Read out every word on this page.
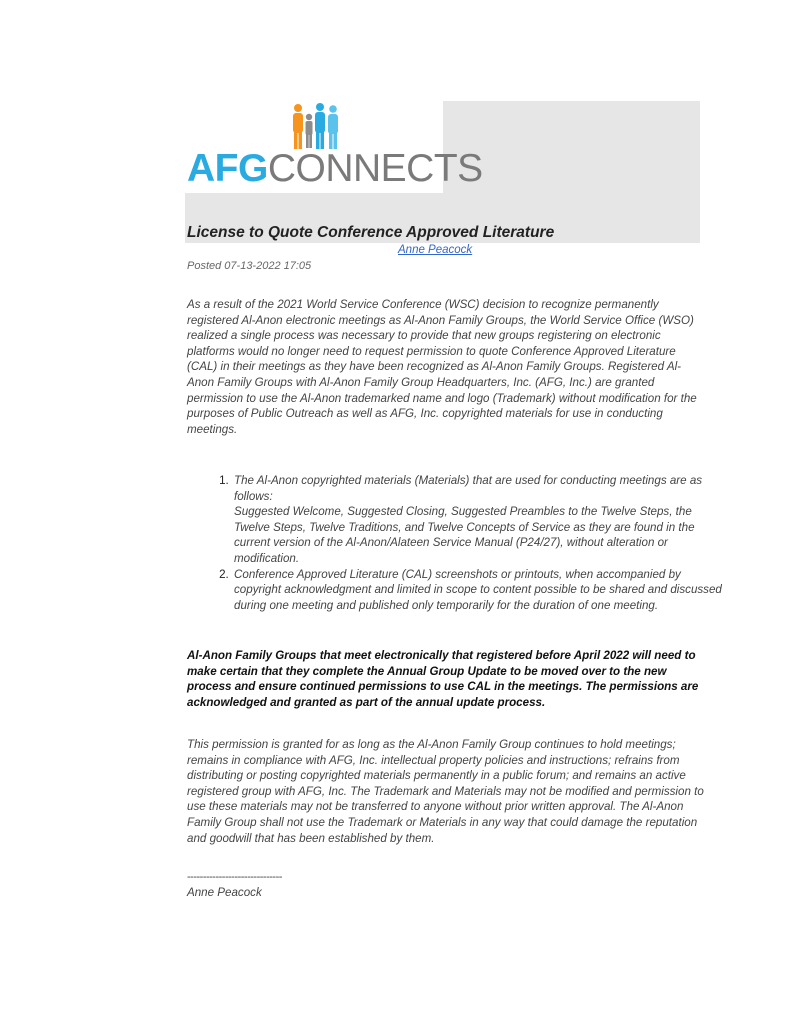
AFGCONNECTS
License to Quote Conference Approved Literature
Anne Peacock
Posted 07-13-2022 17:05

As a result of the 2021 World Service Conference (WSC) decision to recognize permanently registered Al-Anon electronic meetings as Al-Anon Family Groups, the World Service Office (WSO) realized a single process was necessary to provide that new groups registering on electronic platforms would no longer need to request permission to quote Conference Approved Literature (CAL) in their meetings as they have been recognized as Al-Anon Family Groups. Registered Al-Anon Family Groups with Al-Anon Family Group Headquarters, Inc. (AFG, Inc.) are granted permission to use the Al-Anon trademarked name and logo (Trademark) without modification for the purposes of Public Outreach as well as AFG, Inc. copyrighted materials for use in conducting meetings.

1. The Al-Anon copyrighted materials (Materials) that are used for conducting meetings are as follows:
Suggested Welcome, Suggested Closing, Suggested Preambles to the Twelve Steps, the Twelve Steps, Twelve Traditions, and Twelve Concepts of Service as they are found in the current version of the Al-Anon/Alateen Service Manual (P24/27), without alteration or modification.
2. Conference Approved Literature (CAL) screenshots or printouts, when accompanied by copyright acknowledgment and limited in scope to content possible to be shared and discussed during one meeting and published only temporarily for the duration of one meeting.

Al-Anon Family Groups that meet electronically that registered before April 2022 will need to make certain that they complete the Annual Group Update to be moved over to the new process and ensure continued permissions to use CAL in the meetings. The permissions are acknowledged and granted as part of the annual update process.

This permission is granted for as long as the Al-Anon Family Group continues to hold meetings; remains in compliance with AFG, Inc. intellectual property policies and instructions; refrains from distributing or posting copyrighted materials permanently in a public forum; and remains an active registered group with AFG, Inc. The Trademark and Materials may not be modified and permission to use these materials may not be transferred to anyone without prior written approval. The Al-Anon Family Group shall not use the Trademark or Materials in any way that could damage the reputation and goodwill that has been established by them.

------------------------------
Anne Peacock
